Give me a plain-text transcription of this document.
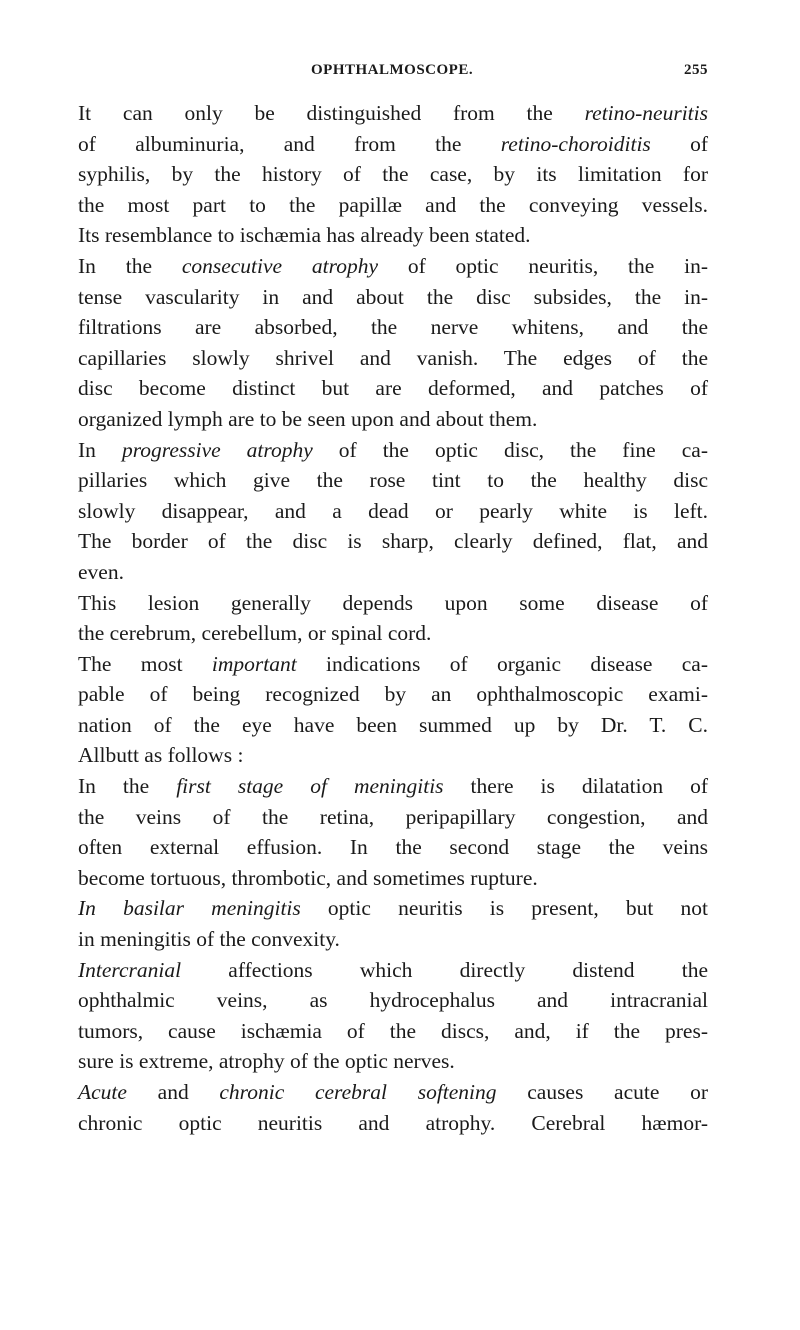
OPHTHALMOSCOPE.	255
It can only be distinguished from the retino-neuritis
of albuminuria, and from the retino-choroiditis of
syphilis, by the history of the case, by its limitation for
the most part to the papillæ and the conveying vessels.
Its resemblance to ischæmia has already been stated.
In the consecutive atrophy of optic neuritis, the in-
tense vascularity in and about the disc subsides, the in-
filtrations are absorbed, the nerve whitens, and the
capillaries slowly shrivel and vanish. The edges of the
disc become distinct but are deformed, and patches of
organized lymph are to be seen upon and about them.
In progressive atrophy of the optic disc, the fine ca-
pillaries which give the rose tint to the healthy disc
slowly disappear, and a dead or pearly white is left.
The border of the disc is sharp, clearly defined, flat, and
even.
This lesion generally depends upon some disease of
the cerebrum, cerebellum, or spinal cord.
The most important indications of organic disease ca-
pable of being recognized by an ophthalmoscopic exami-
nation of the eye have been summed up by Dr. T. C.
Allbutt as follows :
In the first stage of meningitis there is dilatation of
the veins of the retina, peripapillary congestion, and
often external effusion. In the second stage the veins
become tortuous, thrombotic, and sometimes rupture.
In basilar meningitis optic neuritis is present, but not
in meningitis of the convexity.
Intercranial affections which directly distend the
ophthalmic veins, as hydrocephalus and intracranial
tumors, cause ischæmia of the discs, and, if the pres-
sure is extreme, atrophy of the optic nerves.
Acute and chronic cerebral softening causes acute or
chronic optic neuritis and atrophy. Cerebral hæmor-
